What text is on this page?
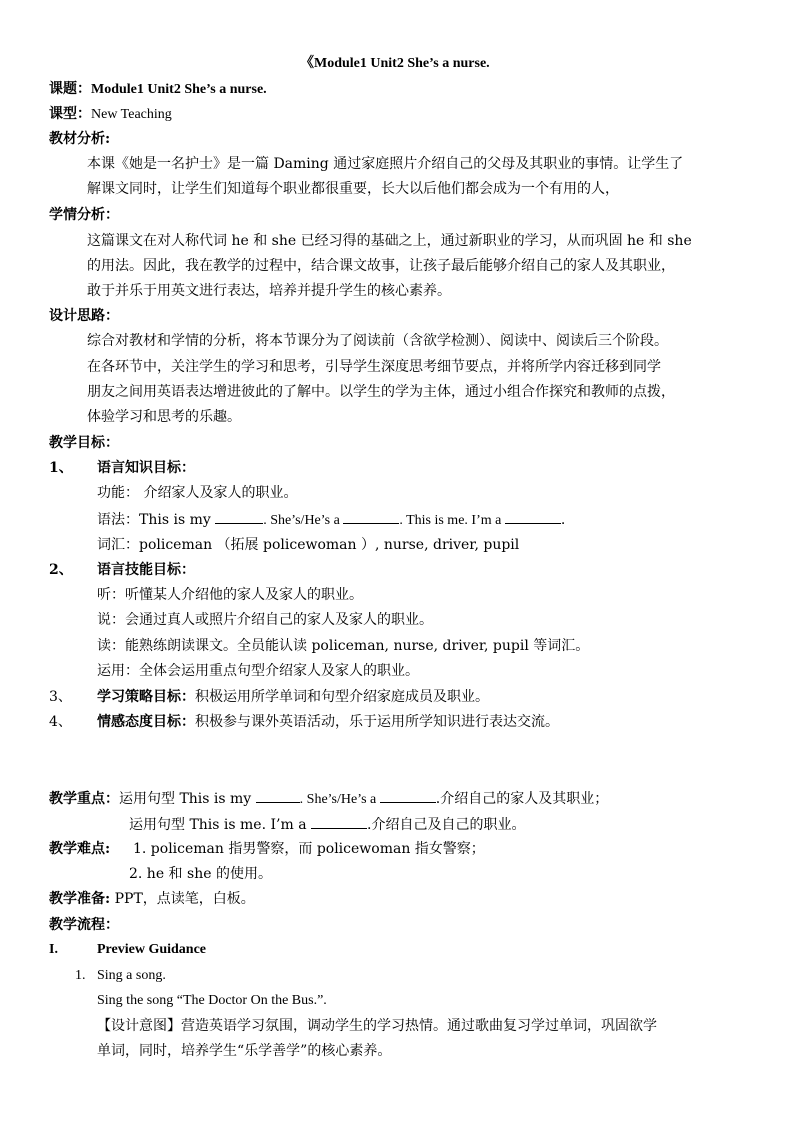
《Module1 Unit2 She’s a nurse.
课题：Module1 Unit2 She’s a nurse.
课型：New Teaching
教材分析:
本课《她是一名护士》是一篇 Daming 通过家庭照片介绍自己的父母及其职业的事情。让学生了
解课文同时，让学生们知道每个职业都很重要，长大以后他们都会成为一个有用的人，
学情分析：
这篇课文在对人称代词 he 和 she 已经习得的基础之上，通过新职业的学习，从而巩固 he 和 she
的用法。因此，我在教学的过程中，结合课文故事，让孩子最后能够介绍自己的家人及其职业，
敢于并乐于用英文进行表达，培养并提升学生的核心素养。
设计思路：
综合对教材和学情的分析，将本节课分为了阅读前（含欲学检测）、阅读中、阅读后三个阶段。
在各环节中，关注学生的学习和思考，引导学生深度思考细节要点，并将所学内容迁移到同学
朋友之间用英语表达增进彼此的了解中。以学生的学为主体，通过小组合作探究和教师的点拨，
体验学习和思考的乐趣。
教学目标：
1、 语言知识目标：
功能： 介绍家人及家人的职业。
语法：This is my	. She’s/He’s a	. This is me. I’m a	.
词汇：policeman （拓展 policewoman ）, nurse, driver, pupil
2、 语言技能目标：
听：听懂某人介绍他的家人及家人的职业。
说：会通过真人或照片介绍自己的家人及家人的职业。
读：能熟练朗读课文。全员能认读 policeman, nurse, driver, pupil 等词汇。
运用：全体会运用重点句型介绍家人及家人的职业。
3、 学习策略目标：积极运用所学单词和句型介绍家庭成员及职业。
4、 情感态度目标：积极参与课外英语活动，乐于运用所学知识进行表达交流。
教学重点：运用句型 This is my	. She’s/He’s a	.介绍自己的家人及其职业；
运用句型 This is me. I’m a	.介绍自己及自己的职业。
教学难点: 1. policeman 指男警察，而 policewoman 指女警察；
2. he 和 she 的使用。
教学准备: PPT，点读笔，白板。
教学流程：
I.	Preview Guidance
1. Sing a song.
Sing the song “The Doctor On the Bus.”.
【设计意图】营造英语学习氛围，调动学生的学习热情。通过歌曲复习学过单词，巩固欲学
单词，同时，培养学生“乐学善学”的核心素养。
